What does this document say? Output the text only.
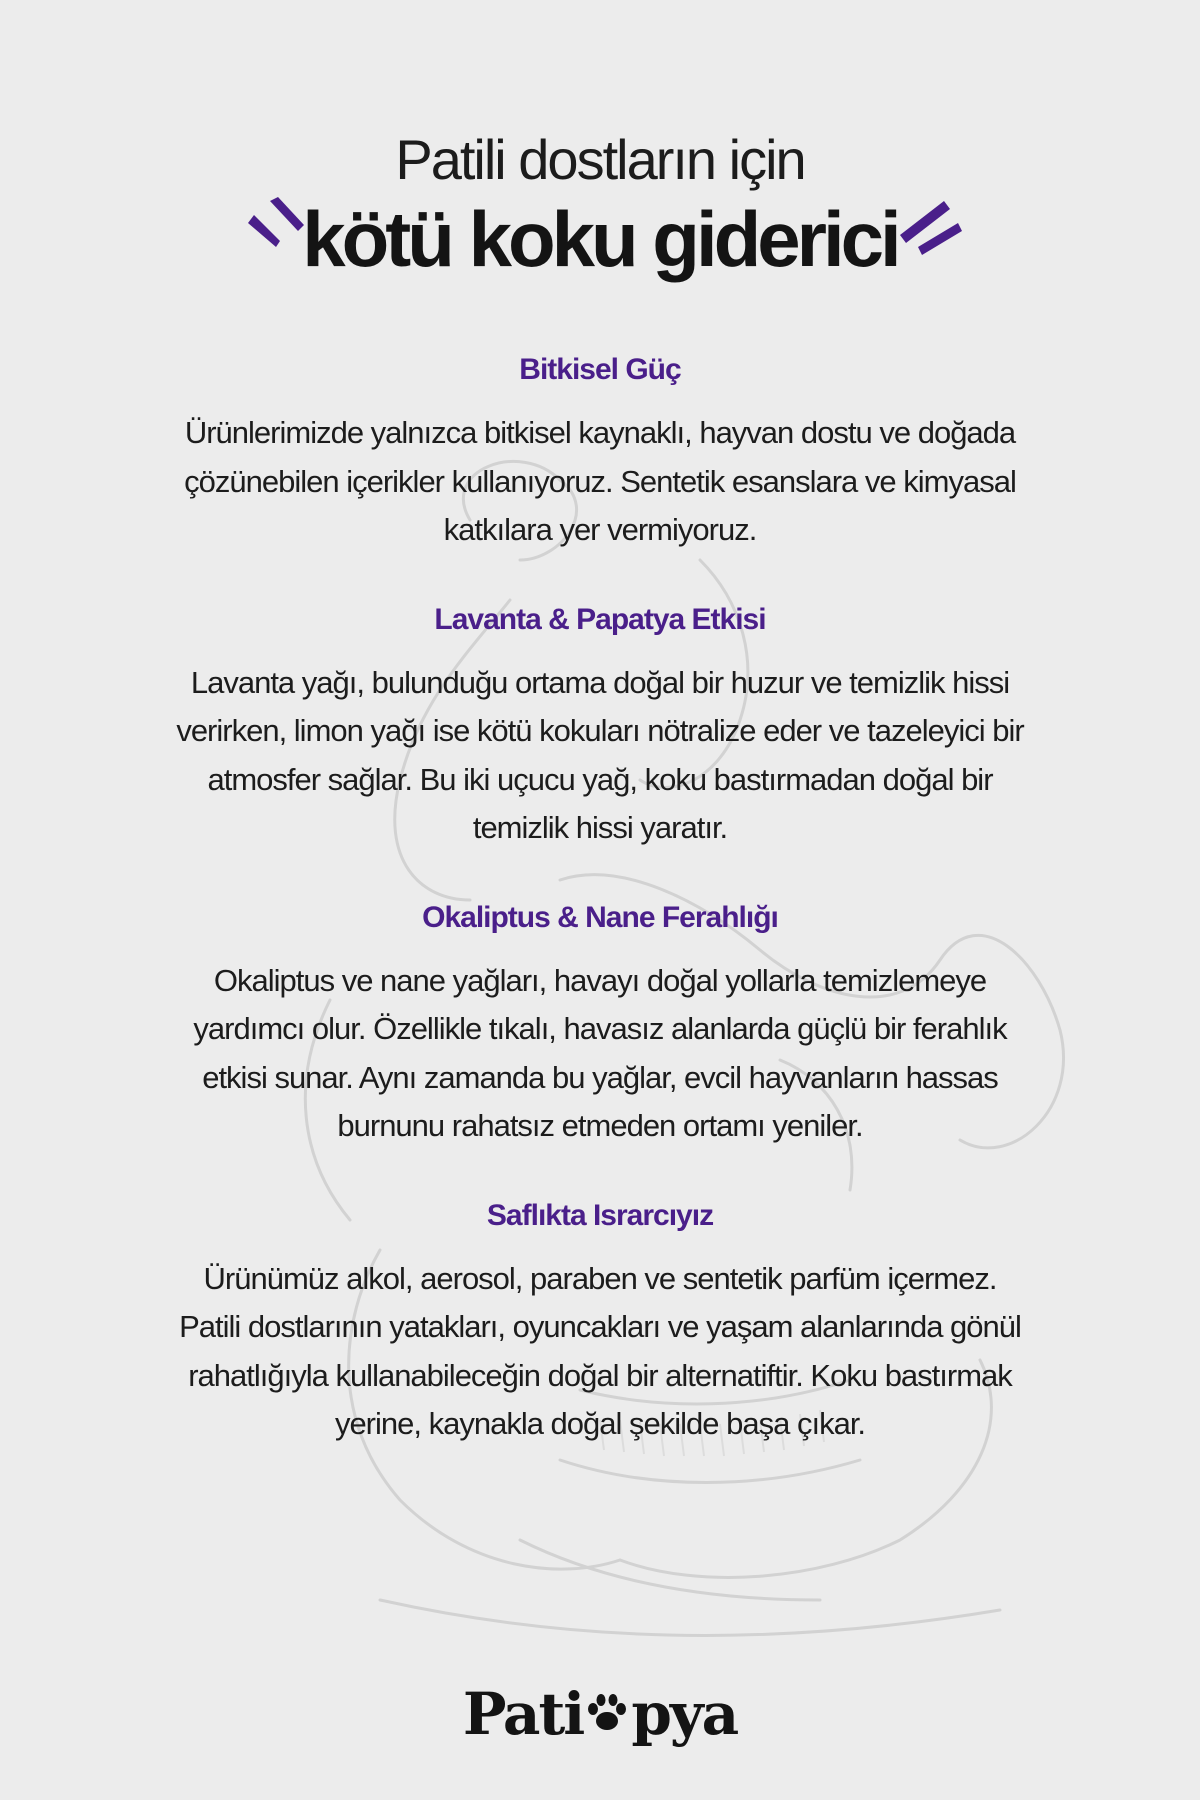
Patili dostların için
kötü koku giderici
Bitkisel Güç

Ürünlerimizde yalnızca bitkisel kaynaklı, hayvan dostu ve doğada
çözünebilen içerikler kullanıyoruz. Sentetik esanslara ve kimyasal
katkılara yer vermiyoruz.

Lavanta & Papatya Etkisi

Lavanta yağı, bulunduğu ortama doğal bir huzur ve temizlik hissi
verirken, limon yağı ise kötü kokuları nötralize eder ve tazeleyici bir
atmosfer sağlar. Bu iki uçucu yağ, koku bastırmadan doğal bir
temizlik hissi yaratır.

Okaliptus & Nane Ferahlığı

Okaliptus ve nane yağları, havayı doğal yollarla temizlemeye
yardımcı olur. Özellikle tıkalı, havasız alanlarda güçlü bir ferahlık
etkisi sunar. Aynı zamanda bu yağlar, evcil hayvanların hassas
burnunu rahatsız etmeden ortamı yeniler.

Saflıkta Israrcıyız

Ürünümüz alkol, aerosol, paraben ve sentetik parfüm içermez.
Patili dostlarının yatakları, oyuncakları ve yaşam alanlarında gönül
rahatlığıyla kullanabileceğin doğal bir alternatiftir. Koku bastırmak
yerine, kaynakla doğal şekilde başa çıkar.

Pati pya
